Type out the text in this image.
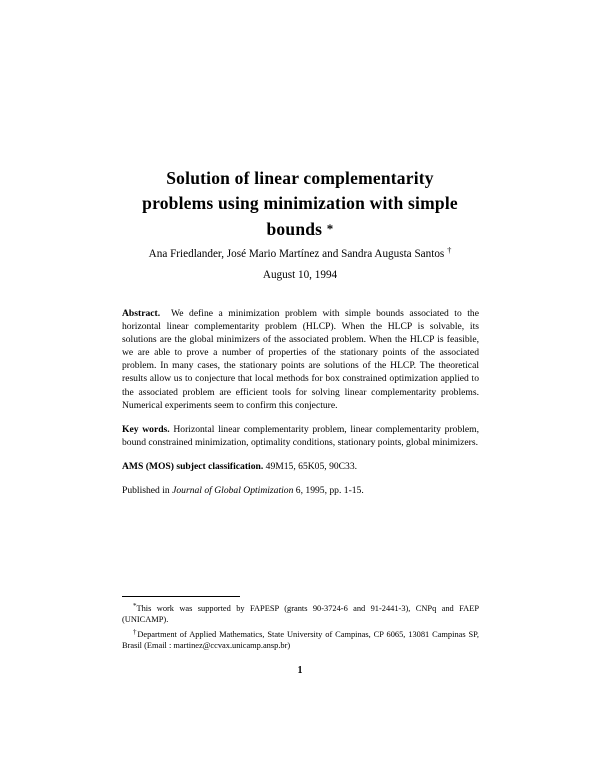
Solution of linear complementarity
problems using minimization with simple
bounds *
Ana Friedlander, José Mario Martínez and Sandra Augusta Santos †
August 10, 1994

Abstract. We define a minimization problem with simple bounds associated to the horizontal linear complementarity problem (HLCP). When the HLCP is solvable, its solutions are the global minimizers of the associated problem. When the HLCP is feasible, we are able to prove a number of properties of the stationary points of the associated problem. In many cases, the stationary points are solutions of the HLCP. The theoretical results allow us to conjecture that local methods for box constrained optimization applied to the associated problem are efficient tools for solving linear complementarity problems. Numerical experiments seem to confirm this conjecture.

Key words. Horizontal linear complementarity problem, linear complementarity problem, bound constrained minimization, optimality conditions, stationary points, global minimizers.

AMS (MOS) subject classification. 49M15, 65K05, 90C33.

Published in Journal of Global Optimization 6, 1995, pp. 1-15.

*This work was supported by FAPESP (grants 90-3724-6 and 91-2441-3), CNPq and FAEP (UNICAMP).

†Department of Applied Mathematics, State University of Campinas, CP 6065, 13081 Campinas SP, Brasil (Email : martinez@ccvax.unicamp.ansp.br)

1
